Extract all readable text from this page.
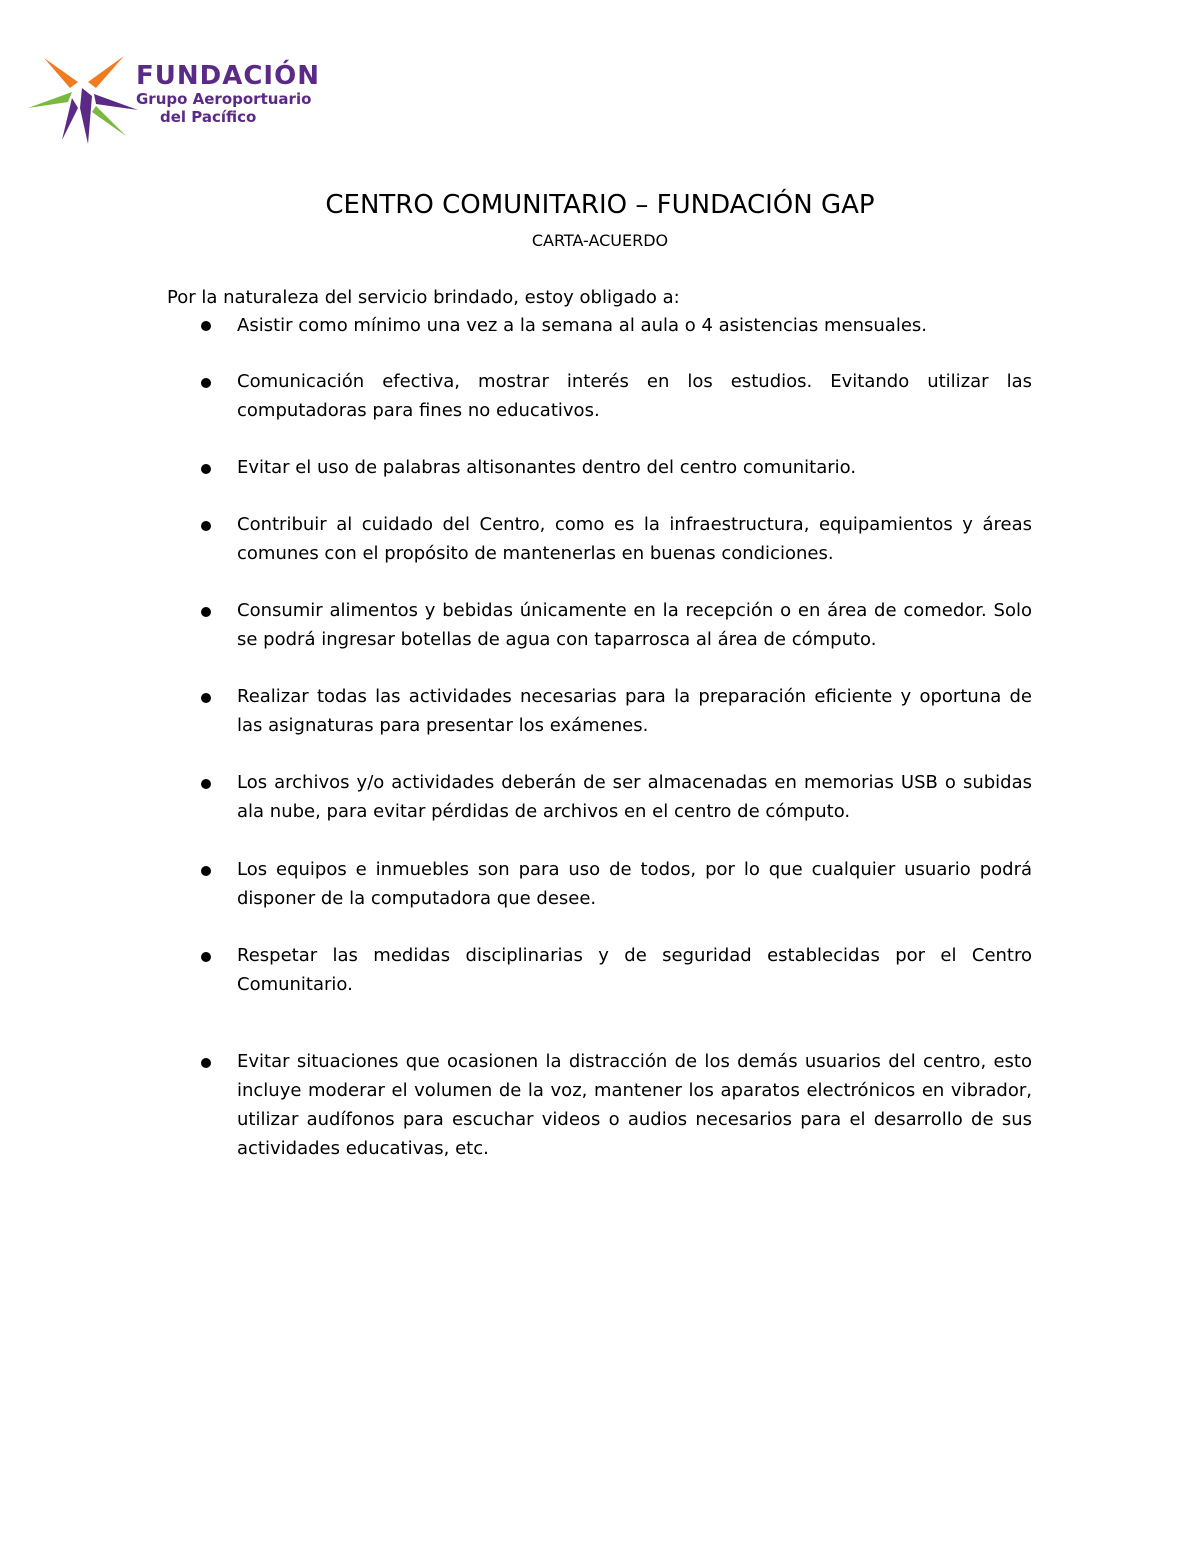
FUNDACIÓN
Grupo Aeroportuario
del Pacífico
CENTRO COMUNITARIO – FUNDACIÓN GAP
CARTA-ACUERDO
Por la naturaleza del servicio brindado, estoy obligado a:
Asistir como mínimo una vez a la semana al aula o 4 asistencias mensuales.
Comunicación efectiva, mostrar interés en los estudios. Evitando utilizar las computadoras para fines no educativos.
Evitar el uso de palabras altisonantes dentro del centro comunitario.
Contribuir al cuidado del Centro, como es la infraestructura, equipamientos y áreas comunes con el propósito de mantenerlas en buenas condiciones.
Consumir alimentos y bebidas únicamente en la recepción o en área de comedor. Solo se podrá ingresar botellas de agua con taparrosca al área de cómputo.
Realizar todas las actividades necesarias para la preparación eficiente y oportuna de las asignaturas para presentar los exámenes.
Los archivos y/o actividades deberán de ser almacenadas en memorias USB o subidas ala nube, para evitar pérdidas de archivos en el centro de cómputo.
Los equipos e inmuebles son para uso de todos, por lo que cualquier usuario podrá disponer de la computadora que desee.
Respetar las medidas disciplinarias y de seguridad establecidas por el Centro Comunitario.
Evitar situaciones que ocasionen la distracción de los demás usuarios del centro, esto incluye moderar el volumen de la voz, mantener los aparatos electrónicos en vibrador, utilizar audífonos para escuchar videos o audios necesarios para el desarrollo de sus actividades educativas, etc.
